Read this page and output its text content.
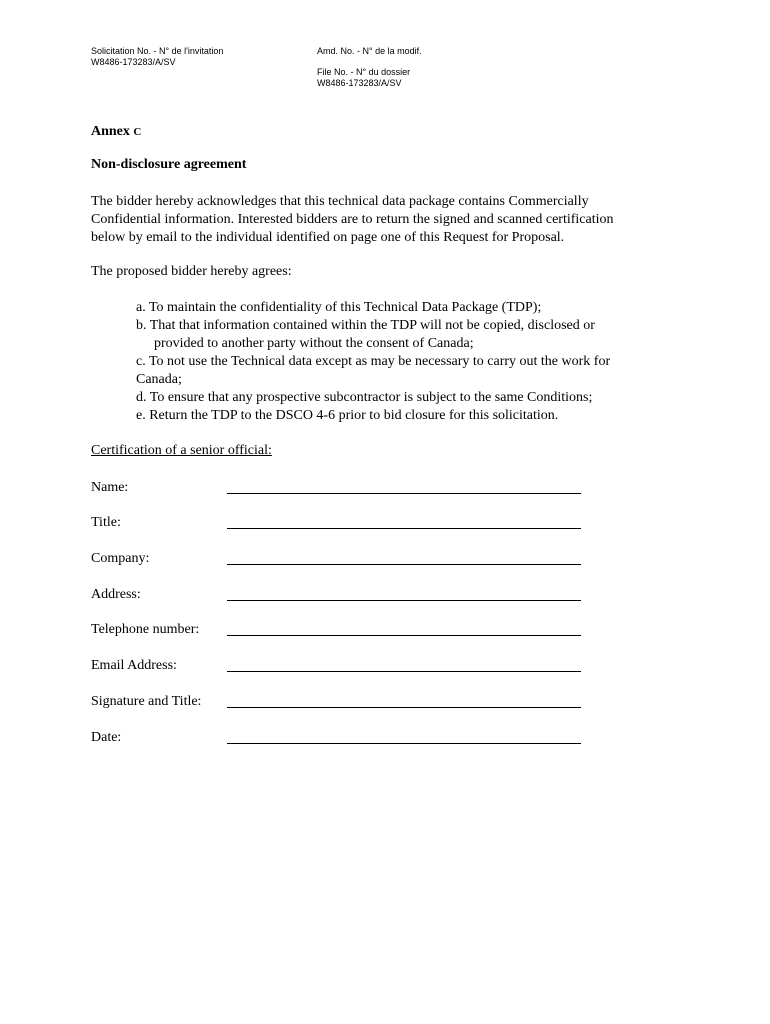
Solicitation No. - N° de l'invitation
W8486-173283/A/SV
Amd. No. - N° de la modif.
File No. - N° du dossier
W8486-173283/A/SV
Annex C
Non-disclosure agreement
The bidder hereby acknowledges that this technical data package contains Commercially
Confidential information. Interested bidders are to return the signed and scanned certification
below by email to the individual identified on page one of this Request for Proposal.
The proposed bidder hereby agrees:
a. To maintain the confidentiality of this Technical Data Package (TDP);
b. That that information contained within the TDP will not be copied, disclosed or
provided to another party without the consent of Canada;
c. To not use the Technical data except as may be necessary to carry out the work for
Canada;
d. To ensure that any prospective subcontractor is subject to the same Conditions;
e. Return the TDP to the DSCO 4-6 prior to bid closure for this solicitation.
Certification of a senior official:
Name:
Title:
Company:
Address:
Telephone number:
Email Address:
Signature and Title:
Date:
